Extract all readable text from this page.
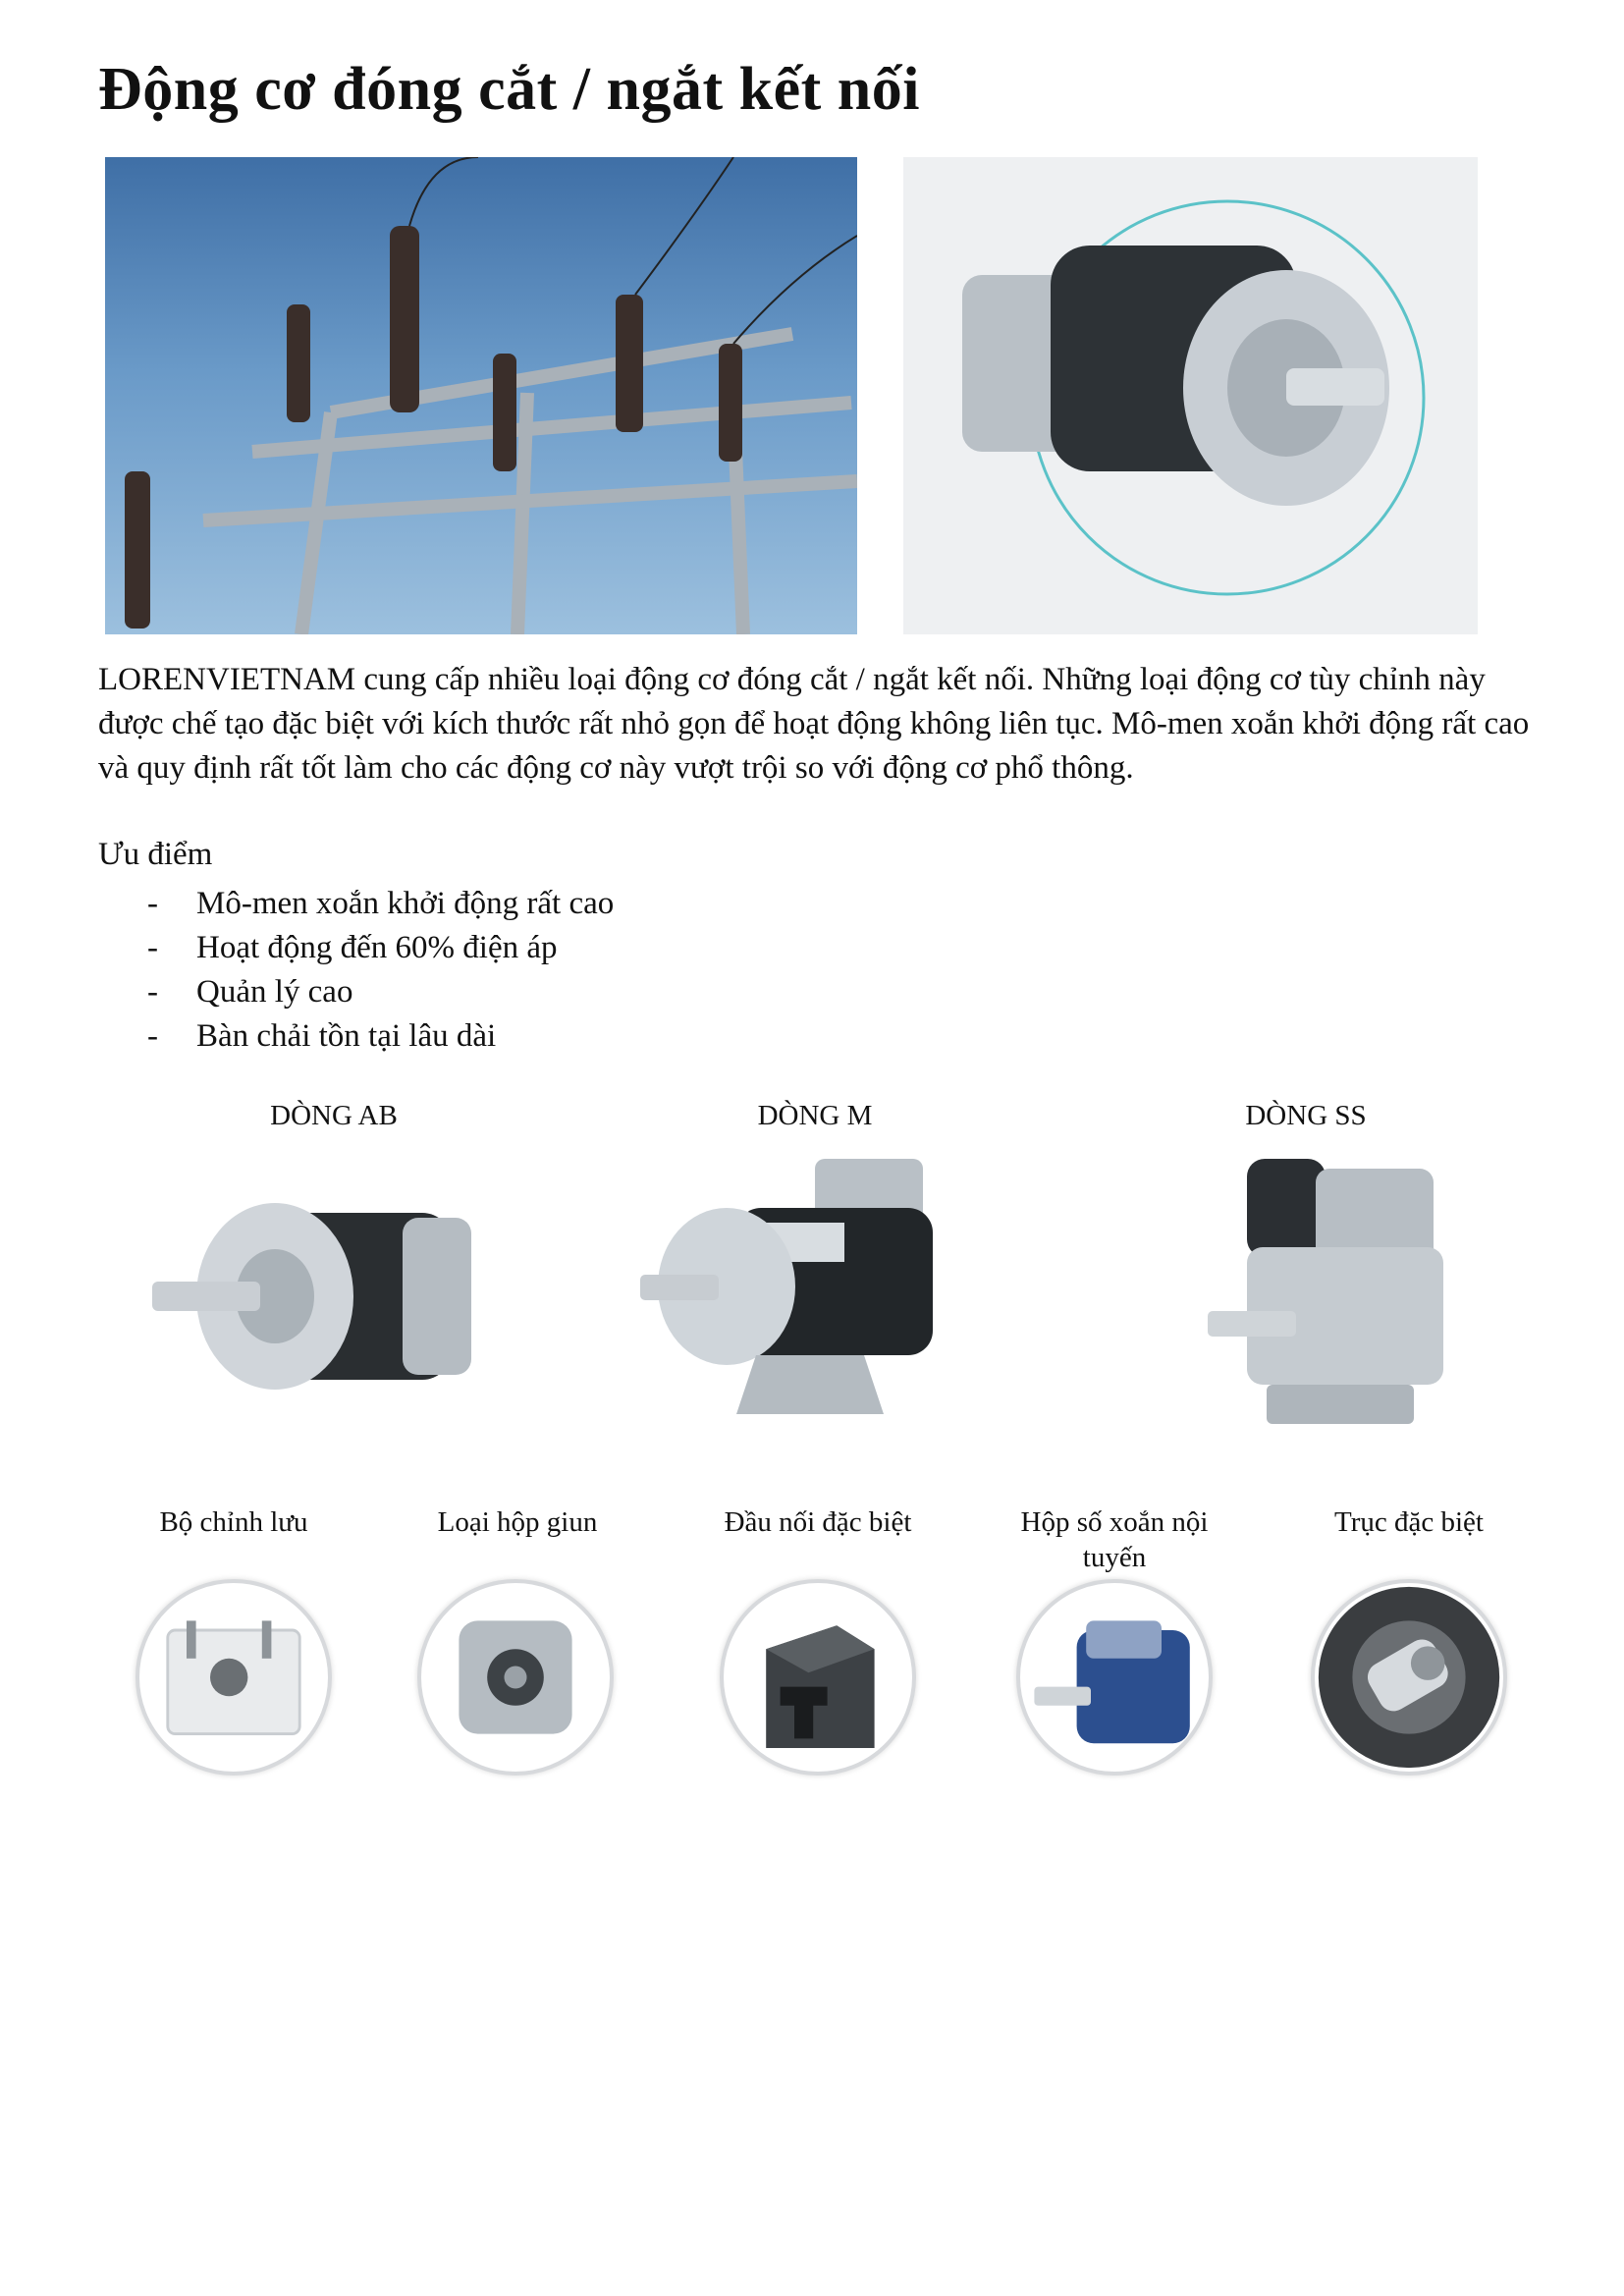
Động cơ đóng cắt / ngắt kết nối

LORENVIETNAM cung cấp nhiều loại động cơ đóng cắt / ngắt kết nối. Những loại động cơ tùy chỉnh này được chế tạo đặc biệt với kích thước rất nhỏ gọn để hoạt động không liên tục. Mô-men xoắn khởi động rất cao và quy định rất tốt làm cho các động cơ này vượt trội so với động cơ phổ thông.

Ưu điểm
-	Mô-men xoắn khởi động rất cao
-	Hoạt động đến 60% điện áp
-	Quản lý cao
-	Bàn chải tồn tại lâu dài
DÒNG AB	DÒNG M	DÒNG SS
Bộ chỉnh lưu	Loại hộp giun	Đầu nối đặc biệt	Hộp số xoắn nội tuyến
Trục đặc biệt
